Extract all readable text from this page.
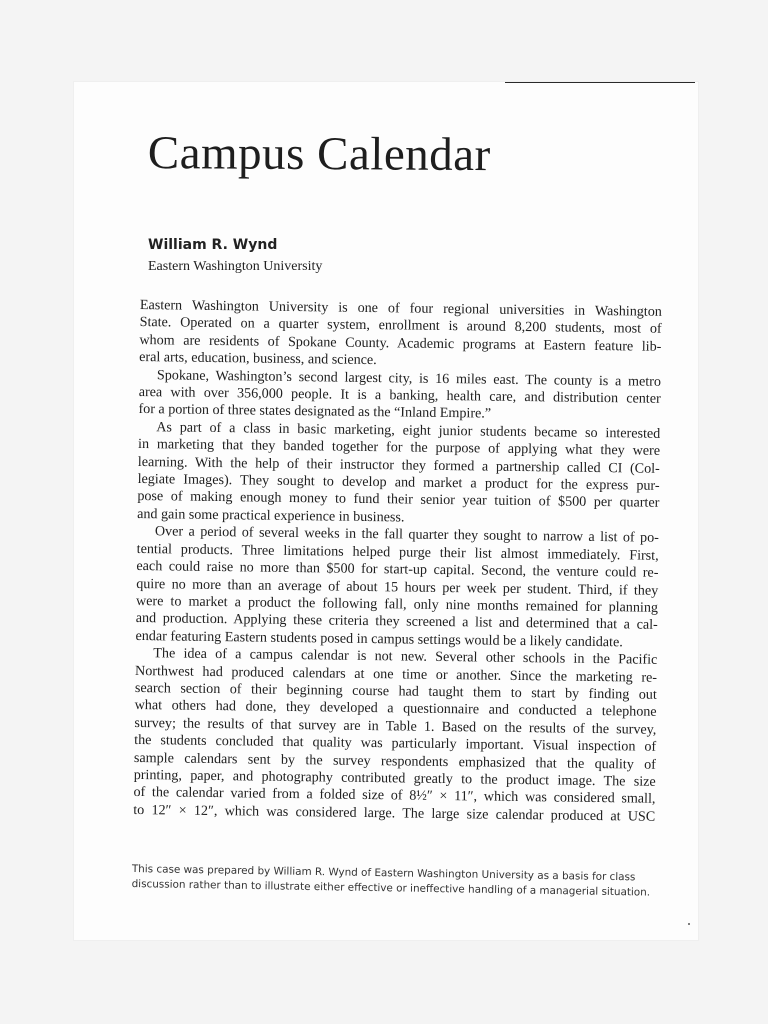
Campus Calendar
William R. Wynd
Eastern Washington University
Eastern Washington University is one of four regional universities in Washington
State. Operated on a quarter system, enrollment is around 8,200 students, most of
whom are residents of Spokane County. Academic programs at Eastern feature lib-
eral arts, education, business, and science.
Spokane, Washington’s second largest city, is 16 miles east. The county is a metro
area with over 356,000 people. It is a banking, health care, and distribution center
for a portion of three states designated as the “Inland Empire.”
As part of a class in basic marketing, eight junior students became so interested
in marketing that they banded together for the purpose of applying what they were
learning. With the help of their instructor they formed a partnership called CI (Col-
legiate Images). They sought to develop and market a product for the express pur-
pose of making enough money to fund their senior year tuition of $500 per quarter
and gain some practical experience in business.
Over a period of several weeks in the fall quarter they sought to narrow a list of po-
tential products. Three limitations helped purge their list almost immediately. First,
each could raise no more than $500 for start-up capital. Second, the venture could re-
quire no more than an average of about 15 hours per week per student. Third, if they
were to market a product the following fall, only nine months remained for planning
and production. Applying these criteria they screened a list and determined that a cal-
endar featuring Eastern students posed in campus settings would be a likely candidate.
The idea of a campus calendar is not new. Several other schools in the Pacific
Northwest had produced calendars at one time or another. Since the marketing re-
search section of their beginning course had taught them to start by finding out
what others had done, they developed a questionnaire and conducted a telephone
survey; the results of that survey are in Table 1. Based on the results of the survey,
the students concluded that quality was particularly important. Visual inspection of
sample calendars sent by the survey respondents emphasized that the quality of
printing, paper, and photography contributed greatly to the product image. The size
of the calendar varied from a folded size of 8½″ × 11″, which was considered small,
to 12″ × 12″, which was considered large. The large size calendar produced at USC
This case was prepared by William R. Wynd of Eastern Washington University as a basis for class
discussion rather than to illustrate either effective or ineffective handling of a managerial situation.
